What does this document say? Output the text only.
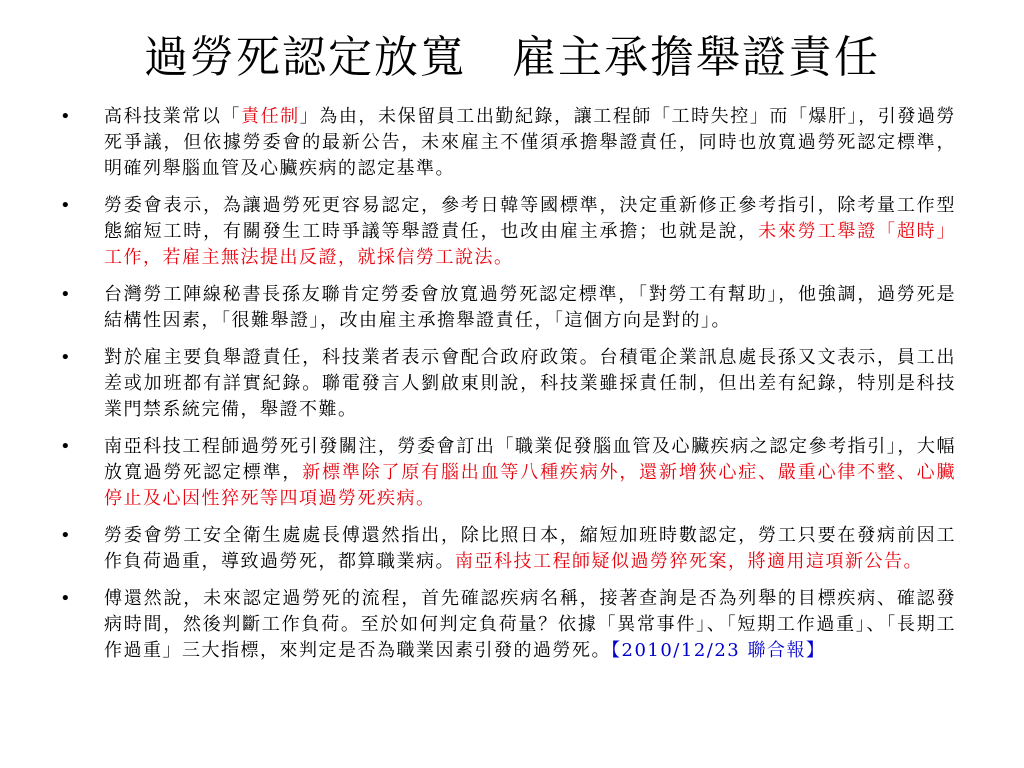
過勞死認定放寬　雇主承擔舉證責任
• 高科技業常以「責任制」為由，未保留員工出勤紀錄，讓工程師「工時失控」而「爆肝」，引發過勞死爭議，但依據勞委會的最新公告，未來雇主不僅須承擔舉證責任，同時也放寬過勞死認定標準，明確列舉腦血管及心臟疾病的認定基準。
• 勞委會表示，為讓過勞死更容易認定，參考日韓等國標準，決定重新修正參考指引，除考量工作型態縮短工時，有關發生工時爭議等舉證責任，也改由雇主承擔；也就是說，未來勞工舉證「超時」工作，若雇主無法提出反證，就採信勞工說法。
• 台灣勞工陣線秘書長孫友聯肯定勞委會放寬過勞死認定標準，「對勞工有幫助」，他強調，過勞死是結構性因素，「很難舉證」，改由雇主承擔舉證責任，「這個方向是對的」。
• 對於雇主要負舉證責任，科技業者表示會配合政府政策。台積電企業訊息處長孫又文表示，員工出差或加班都有詳實紀錄。聯電發言人劉啟東則說，科技業雖採責任制，但出差有紀錄，特別是科技業門禁系統完備，舉證不難。
• 南亞科技工程師過勞死引發關注，勞委會訂出「職業促發腦血管及心臟疾病之認定參考指引」，大幅放寬過勞死認定標準，新標準除了原有腦出血等八種疾病外，還新增狹心症、嚴重心律不整、心臟停止及心因性猝死等四項過勞死疾病。
• 勞委會勞工安全衛生處處長傅還然指出，除比照日本，縮短加班時數認定，勞工只要在發病前因工作負荷過重，導致過勞死，都算職業病。南亞科技工程師疑似過勞猝死案，將適用這項新公告。
• 傅還然說，未來認定過勞死的流程，首先確認疾病名稱，接著查詢是否為列舉的目標疾病、確認發病時間，然後判斷工作負荷。至於如何判定負荷量？依據「異常事件」、「短期工作過重」、「長期工作過重」三大指標，來判定是否為職業因素引發的過勞死。【2010/12/23 聯合報】
